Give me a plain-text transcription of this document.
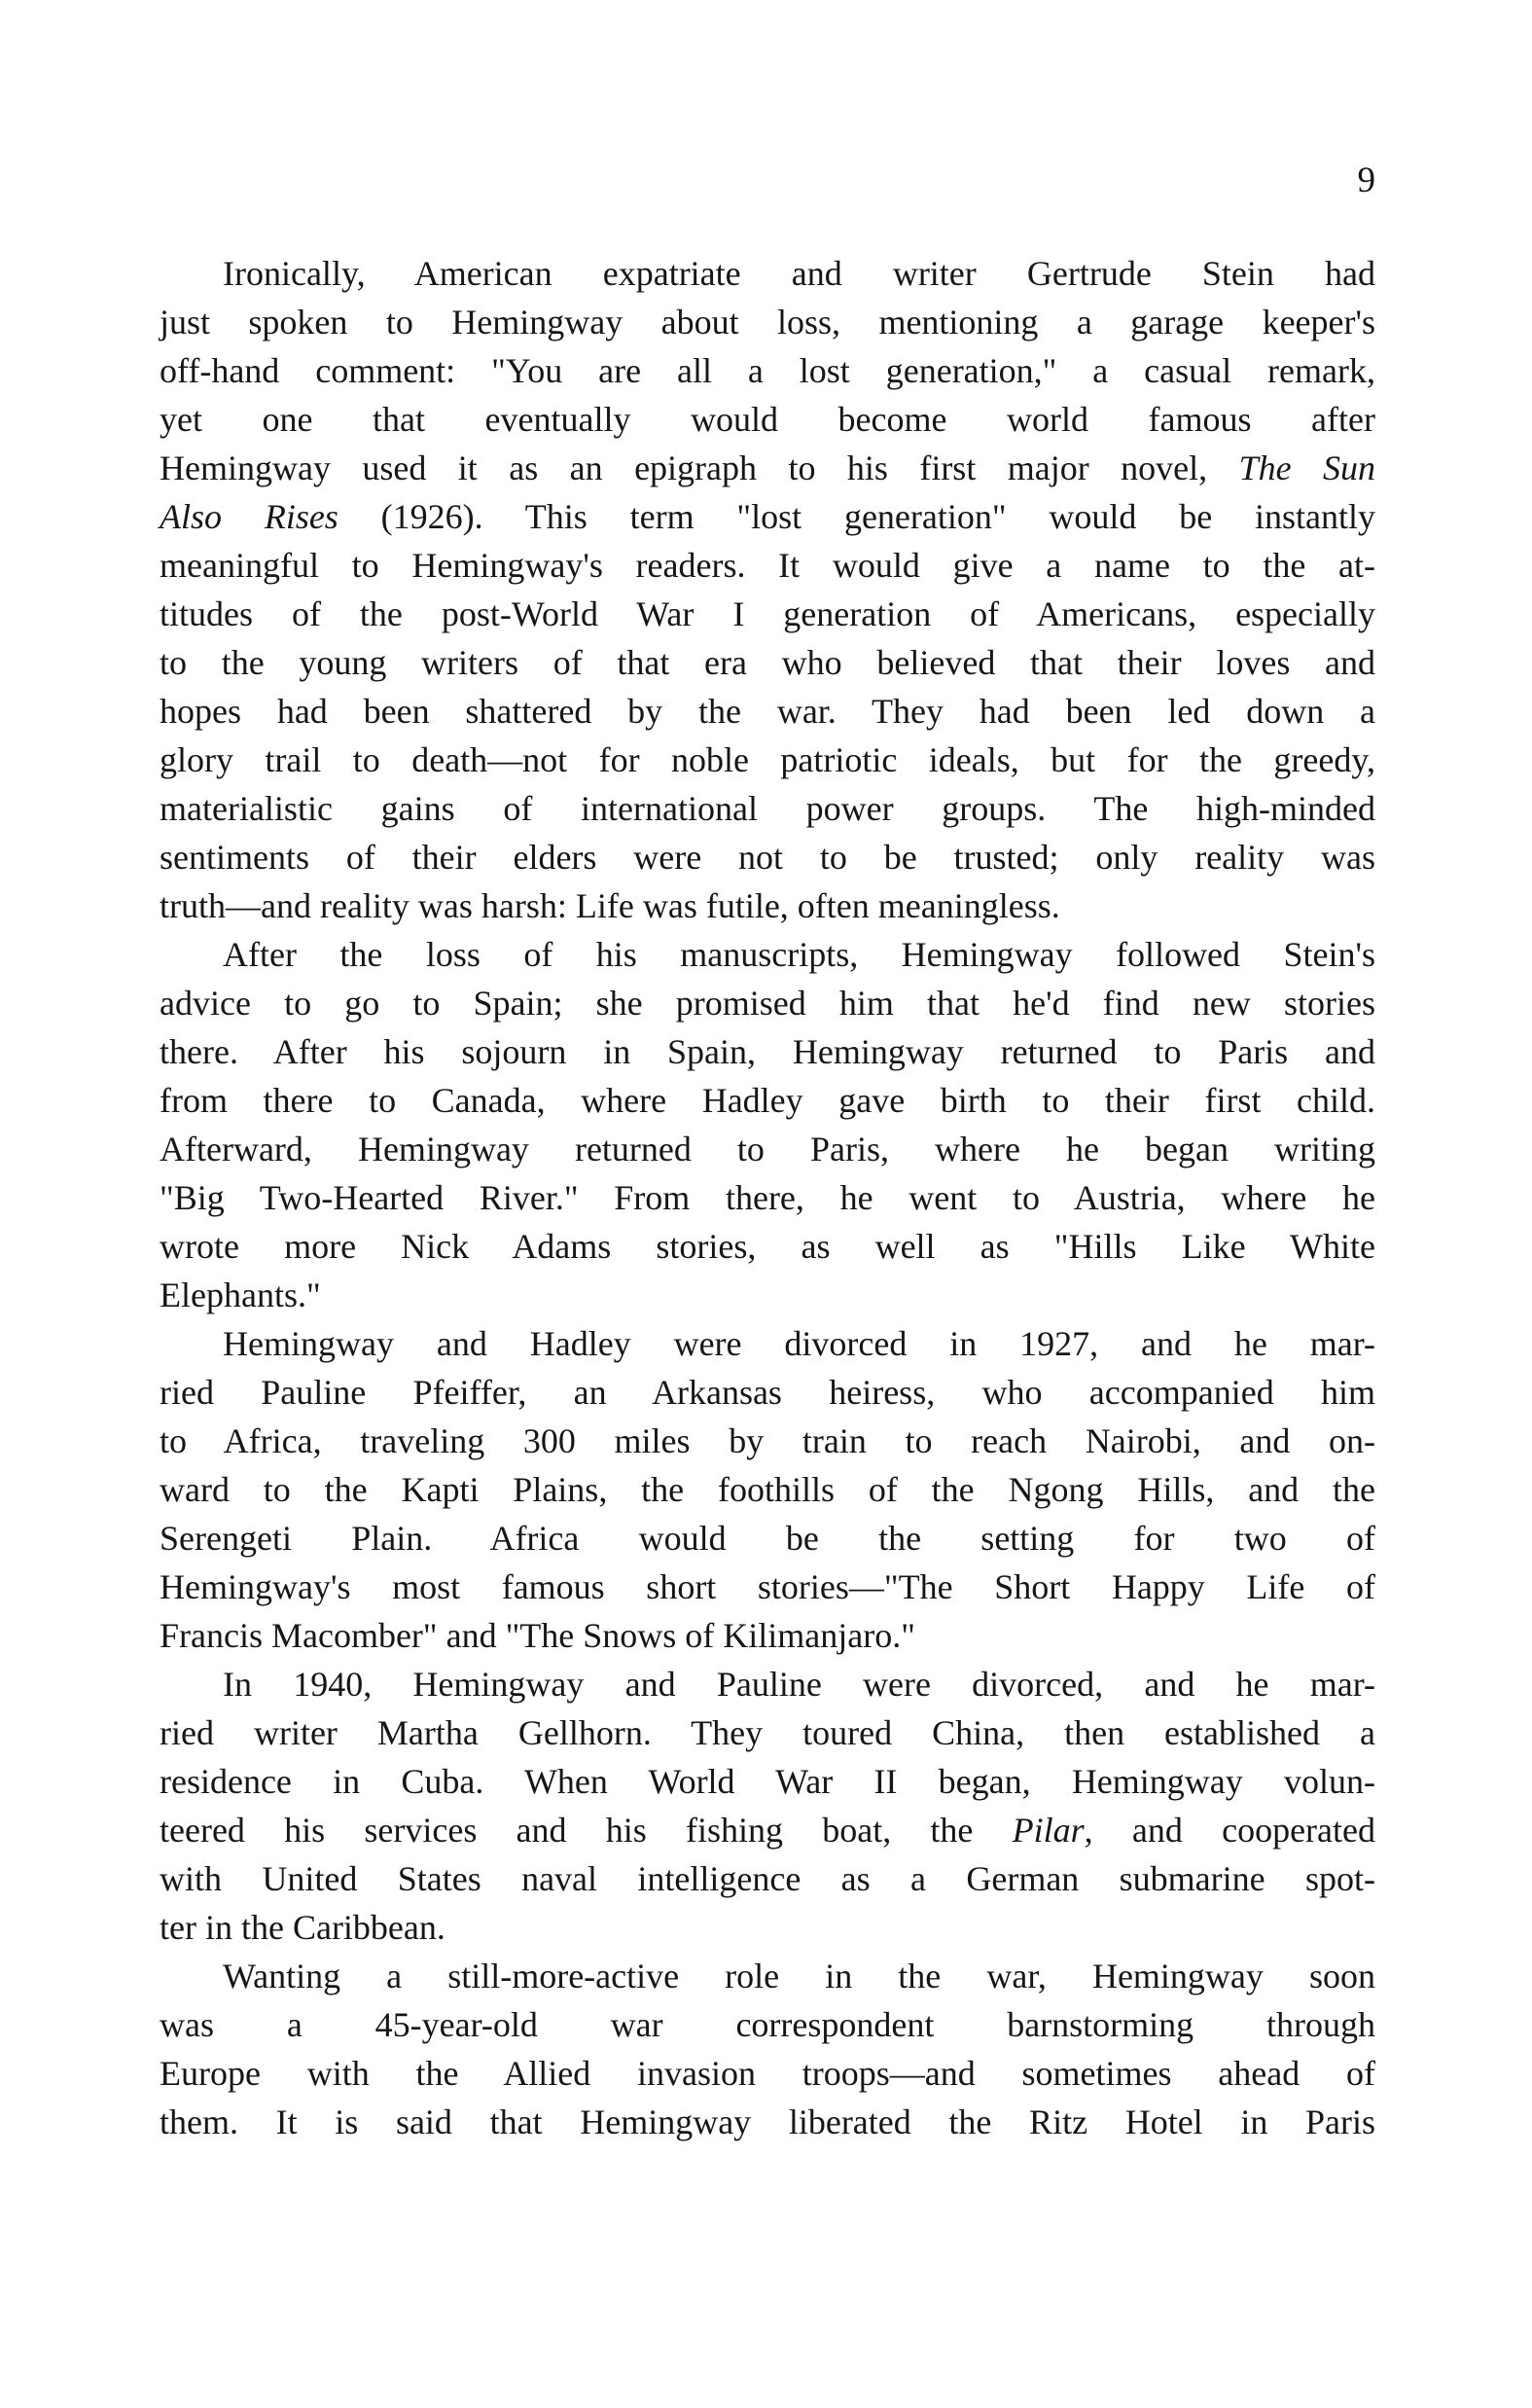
9
Ironically, American expatriate and writer Gertrude Stein had
just spoken to Hemingway about loss, mentioning a garage keeper's
off-hand comment: "You are all a lost generation," a casual remark,
yet one that eventually would become world famous after
Hemingway used it as an epigraph to his first major novel, The Sun
Also Rises (1926). This term "lost generation" would be instantly
meaningful to Hemingway's readers. It would give a name to the at-
titudes of the post-World War I generation of Americans, especially
to the young writers of that era who believed that their loves and
hopes had been shattered by the war. They had been led down a
glory trail to death—not for noble patriotic ideals, but for the greedy,
materialistic gains of international power groups. The high-minded
sentiments of their elders were not to be trusted; only reality was
truth—and reality was harsh: Life was futile, often meaningless.
After the loss of his manuscripts, Hemingway followed Stein's
advice to go to Spain; she promised him that he'd find new stories
there. After his sojourn in Spain, Hemingway returned to Paris and
from there to Canada, where Hadley gave birth to their first child.
Afterward, Hemingway returned to Paris, where he began writing
"Big Two-Hearted River." From there, he went to Austria, where he
wrote more Nick Adams stories, as well as "Hills Like White
Elephants."
Hemingway and Hadley were divorced in 1927, and he mar-
ried Pauline Pfeiffer, an Arkansas heiress, who accompanied him
to Africa, traveling 300 miles by train to reach Nairobi, and on-
ward to the Kapti Plains, the foothills of the Ngong Hills, and the
Serengeti Plain. Africa would be the setting for two of
Hemingway's most famous short stories—"The Short Happy Life of
Francis Macomber" and "The Snows of Kilimanjaro."
In 1940, Hemingway and Pauline were divorced, and he mar-
ried writer Martha Gellhorn. They toured China, then established a
residence in Cuba. When World War II began, Hemingway volun-
teered his services and his fishing boat, the Pilar, and cooperated
with United States naval intelligence as a German submarine spot-
ter in the Caribbean.
Wanting a still-more-active role in the war, Hemingway soon
was a 45-year-old war correspondent barnstorming through
Europe with the Allied invasion troops—and sometimes ahead of
them. It is said that Hemingway liberated the Ritz Hotel in Paris
